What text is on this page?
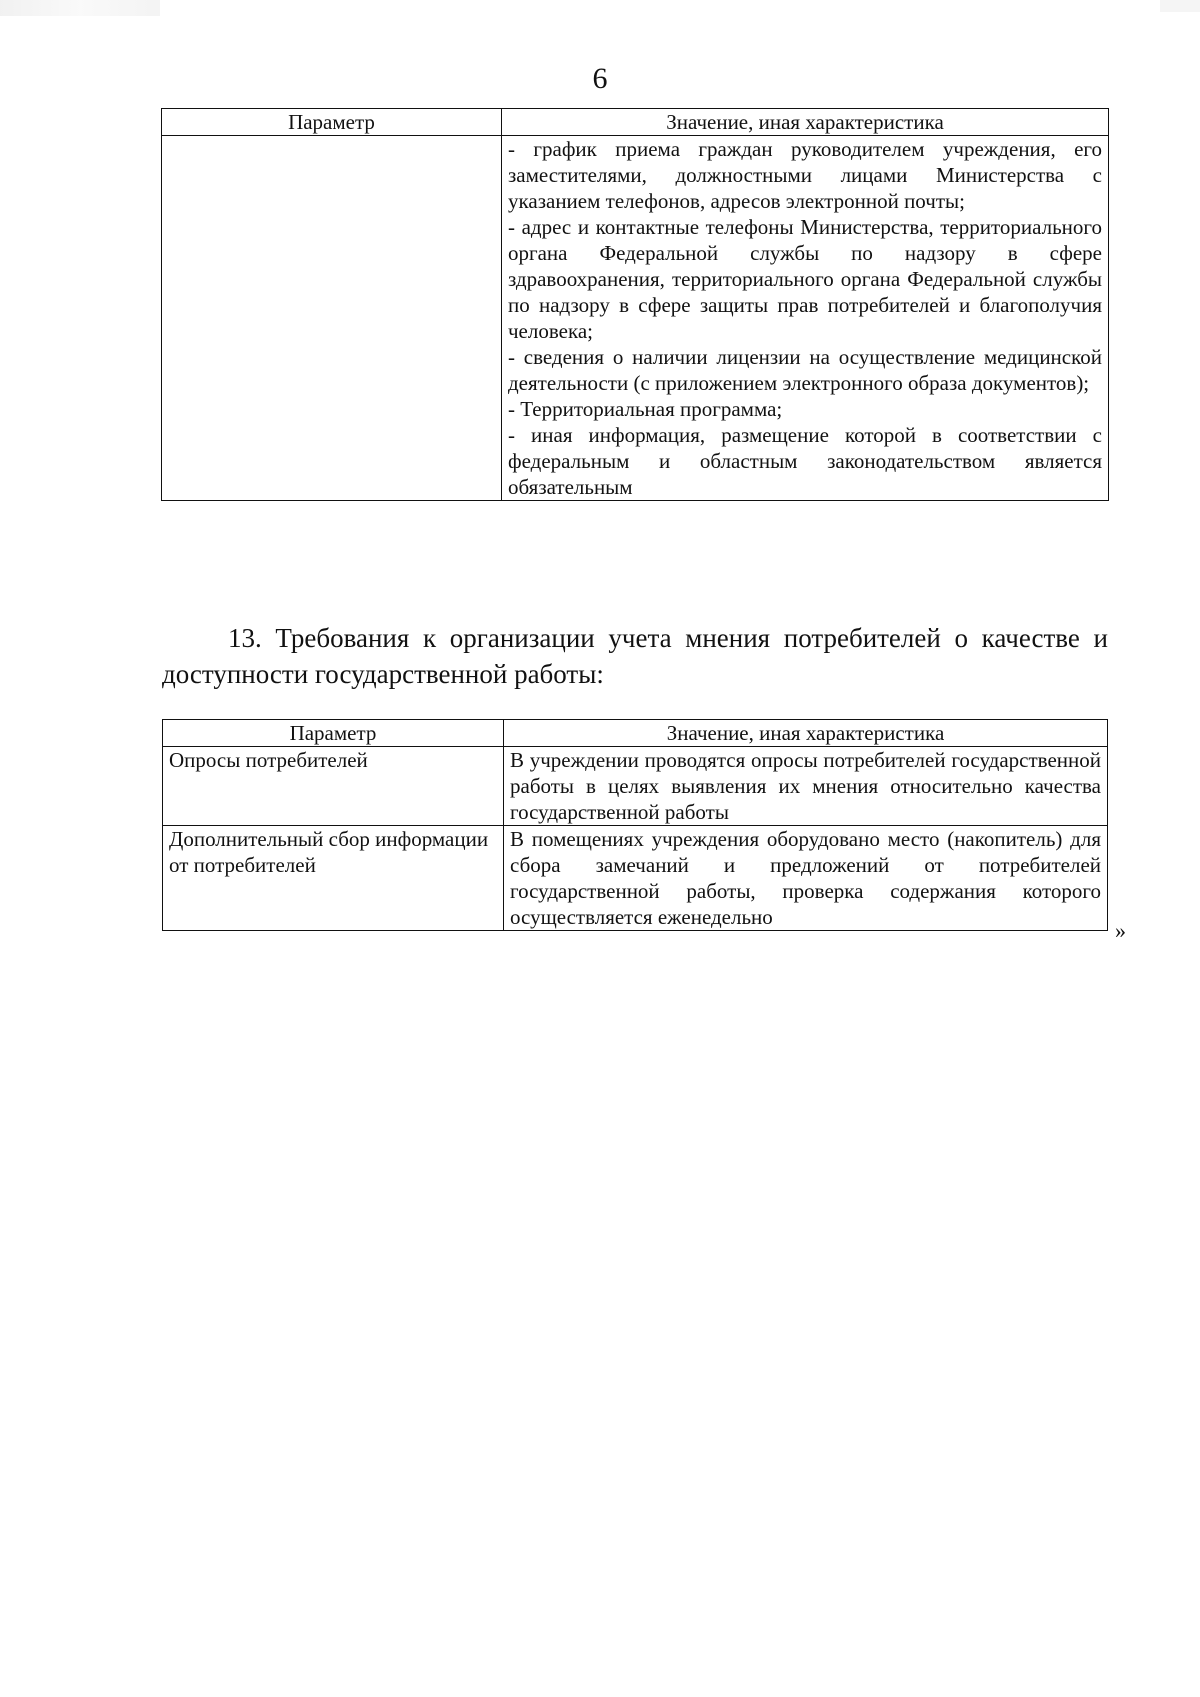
6
Параметр	Значение, иная характеристика

	- график приема граждан руководителем учреждения, его заместителями, должностными лицами Министерства с указанием телефонов, адресов электронной почты;
- адрес и контактные телефоны Министерства, территориального органа Федеральной службы по надзору в сфере здравоохранения, территориального органа Федеральной службы по надзору в сфере защиты прав потребителей и благополучия человека;
- сведения о наличии лицензии на осуществление медицинской деятельности (с приложением электронного образа документов);
- Территориальная программа;
- иная информация, размещение которой в соответствии с федеральным и областным законодательством является обязательным
13. Требования к организации учета мнения потребителей о качестве и доступности государственной работы:
Параметр	Значение, иная характеристика
Опросы потребителей	В учреждении проводятся опросы потребителей государственной работы в целях выявления их мнения относительно качества государственной работы
Дополнительный сбор информации от потребителей	В помещениях учреждения оборудовано место (накопитель) для сбора замечаний и предложений от потребителей государственной работы, проверка содержания которого осуществляется еженедельно
»
